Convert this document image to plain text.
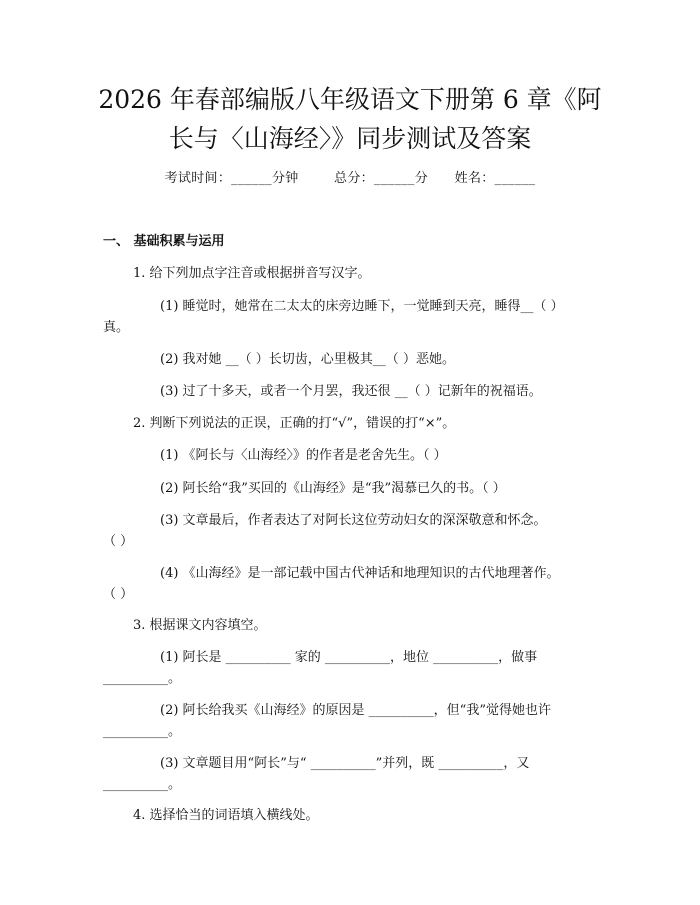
2026 年春部编版八年级语文下册第 6 章《阿
长与〈山海经〉》同步测试及答案
考试时间：______分钟	总分：______分 姓名：______
一、 基础积累与运用
1. 给下列加点字注音或根据拼音写汉字。
(1) 睡觉时，她常在二太太的床旁边睡下，一觉睡到天亮，睡得__（ ）
真。
(2) 我对她 __（ ）长切齿，心里极其__（ ）恶她。
(3) 过了十多天，或者一个月罢，我还很 __（ ）记新年的祝福语。
2. 判断下列说法的正误，正确的打“√”，错误的打“×”。
(1) 《阿长与〈山海经〉》的作者是老舍先生。（ ）
(2) 阿长给“我”买回的《山海经》是“我”渴慕已久的书。（ ）
(3) 文章最后，作者表达了对阿长这位劳动妇女的深深敬意和怀念。
（ ）
(4) 《山海经》是一部记载中国古代神话和地理知识的古代地理著作。
（ ）
3. 根据课文内容填空。
(1) 阿长是 __________ 家的 __________，地位 __________，做事
__________。
(2) 阿长给我买《山海经》的原因是 __________，但“我”觉得她也许
__________。
(3) 文章题目用“阿长”与“ __________”并列，既 __________，又
__________。
4. 选择恰当的词语填入横线处。
